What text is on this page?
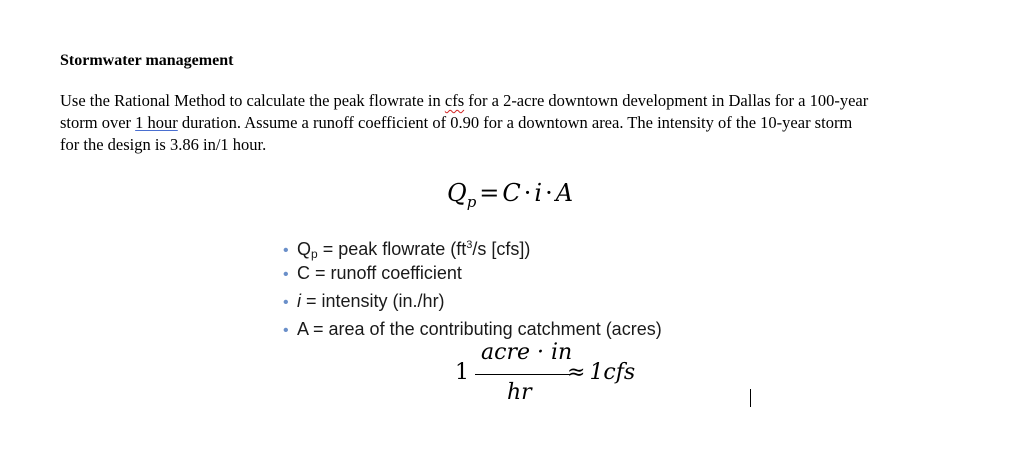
Stormwater management
Use the Rational Method to calculate the peak flowrate in cfs for a 2-acre downtown development in Dallas for a 100-year
storm over 1 hour duration. Assume a runoff coefficient of 0.90 for a downtown area. The intensity of the 10-year storm
for the design is 3.86 in/1 hour.
$Q_p = C \cdot i \cdot A$
• $Q_p$ = peak flowrate ($ft^3/s$ [cfs])
• C = runoff coefficient
• i = intensity (in./hr)
• A = area of the contributing catchment (acres)
1
acre · in
hr
≈ 1cfs
